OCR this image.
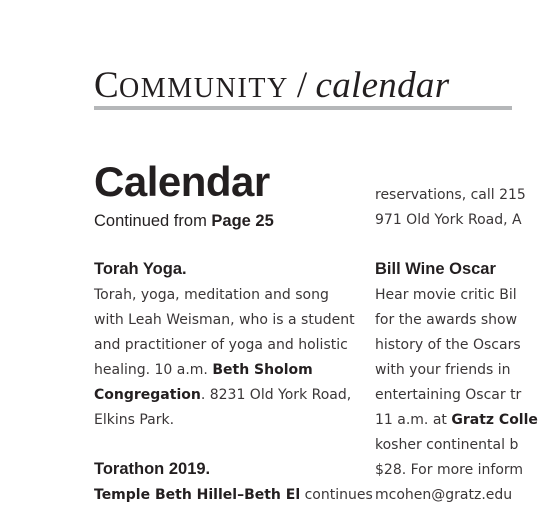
COMMUNITY / calendar
Calendar
Continued from Page 25
Torah Yoga.
Torah, yoga, meditation and song
with Leah Weisman, who is a student
and practitioner of yoga and holistic
healing. 10 a.m. Beth Sholom
Congregation. 8231 Old York Road,
Elkins Park.
Torathon 2019.
Temple Beth Hillel–Beth El continues
reservations, call 215
971 Old York Road, A
Bill Wine Oscar
Hear movie critic Bil
for the awards show
history of the Oscars
with your friends in
entertaining Oscar tr
11 a.m. at Gratz Colle
kosher continental b
$28. For more inform
mcohen@gratz.edu
